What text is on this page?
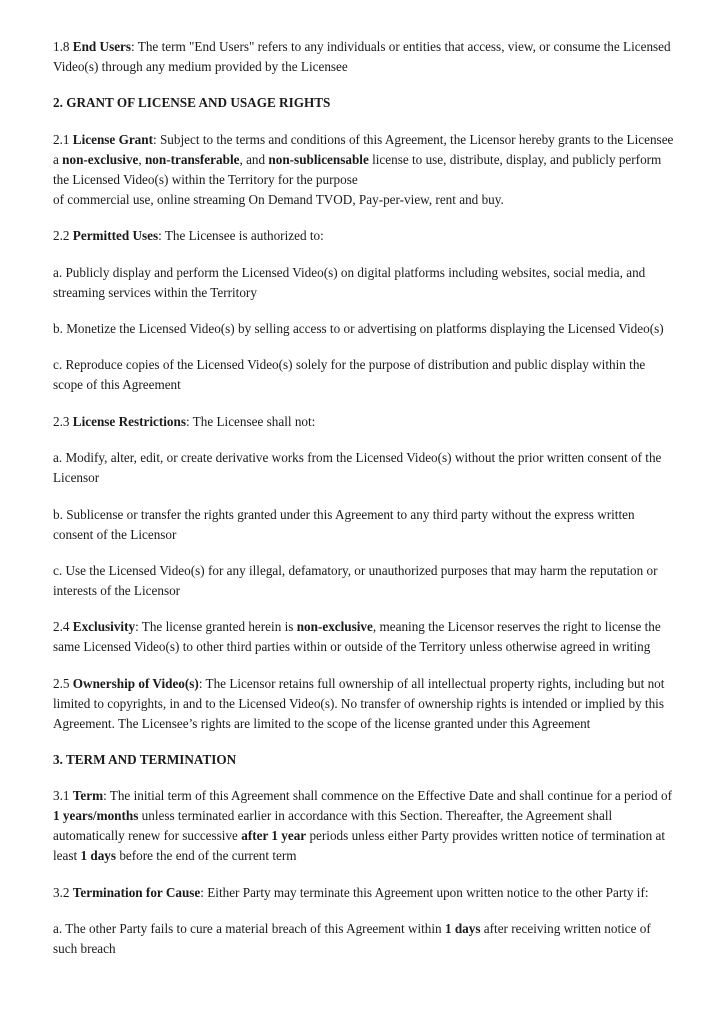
1.8 End Users: The term "End Users" refers to any individuals or entities that access, view, or consume the Licensed Video(s) through any medium provided by the Licensee

2. GRANT OF LICENSE AND USAGE RIGHTS

2.1 License Grant: Subject to the terms and conditions of this Agreement, the Licensor hereby grants to the Licensee a non-exclusive, non-transferable, and non-sublicensable license to use, distribute, display, and publicly perform the Licensed Video(s) within the Territory for the purpose
of commercial use, online streaming On Demand TVOD, Pay-per-view, rent and buy.

2.2 Permitted Uses: The Licensee is authorized to:

a. Publicly display and perform the Licensed Video(s) on digital platforms including websites, social media, and streaming services within the Territory

b. Monetize the Licensed Video(s) by selling access to or advertising on platforms displaying the Licensed Video(s)

c. Reproduce copies of the Licensed Video(s) solely for the purpose of distribution and public display within the scope of this Agreement

2.3 License Restrictions: The Licensee shall not:

a. Modify, alter, edit, or create derivative works from the Licensed Video(s) without the prior written consent of the Licensor

b. Sublicense or transfer the rights granted under this Agreement to any third party without the express written consent of the Licensor

c. Use the Licensed Video(s) for any illegal, defamatory, or unauthorized purposes that may harm the reputation or interests of the Licensor

2.4 Exclusivity: The license granted herein is non-exclusive, meaning the Licensor reserves the right to license the same Licensed Video(s) to other third parties within or outside of the Territory unless otherwise agreed in writing

2.5 Ownership of Video(s): The Licensor retains full ownership of all intellectual property rights, including but not limited to copyrights, in and to the Licensed Video(s). No transfer of ownership rights is intended or implied by this Agreement. The Licensee’s rights are limited to the scope of the license granted under this Agreement

3. TERM AND TERMINATION

3.1 Term: The initial term of this Agreement shall commence on the Effective Date and shall continue for a period of 1 years/months unless terminated earlier in accordance with this Section. Thereafter, the Agreement shall automatically renew for successive after 1 year periods unless either Party provides written notice of termination at least 1 days before the end of the current term

3.2 Termination for Cause: Either Party may terminate this Agreement upon written notice to the other Party if:

a. The other Party fails to cure a material breach of this Agreement within 1 days after receiving written notice of such breach
